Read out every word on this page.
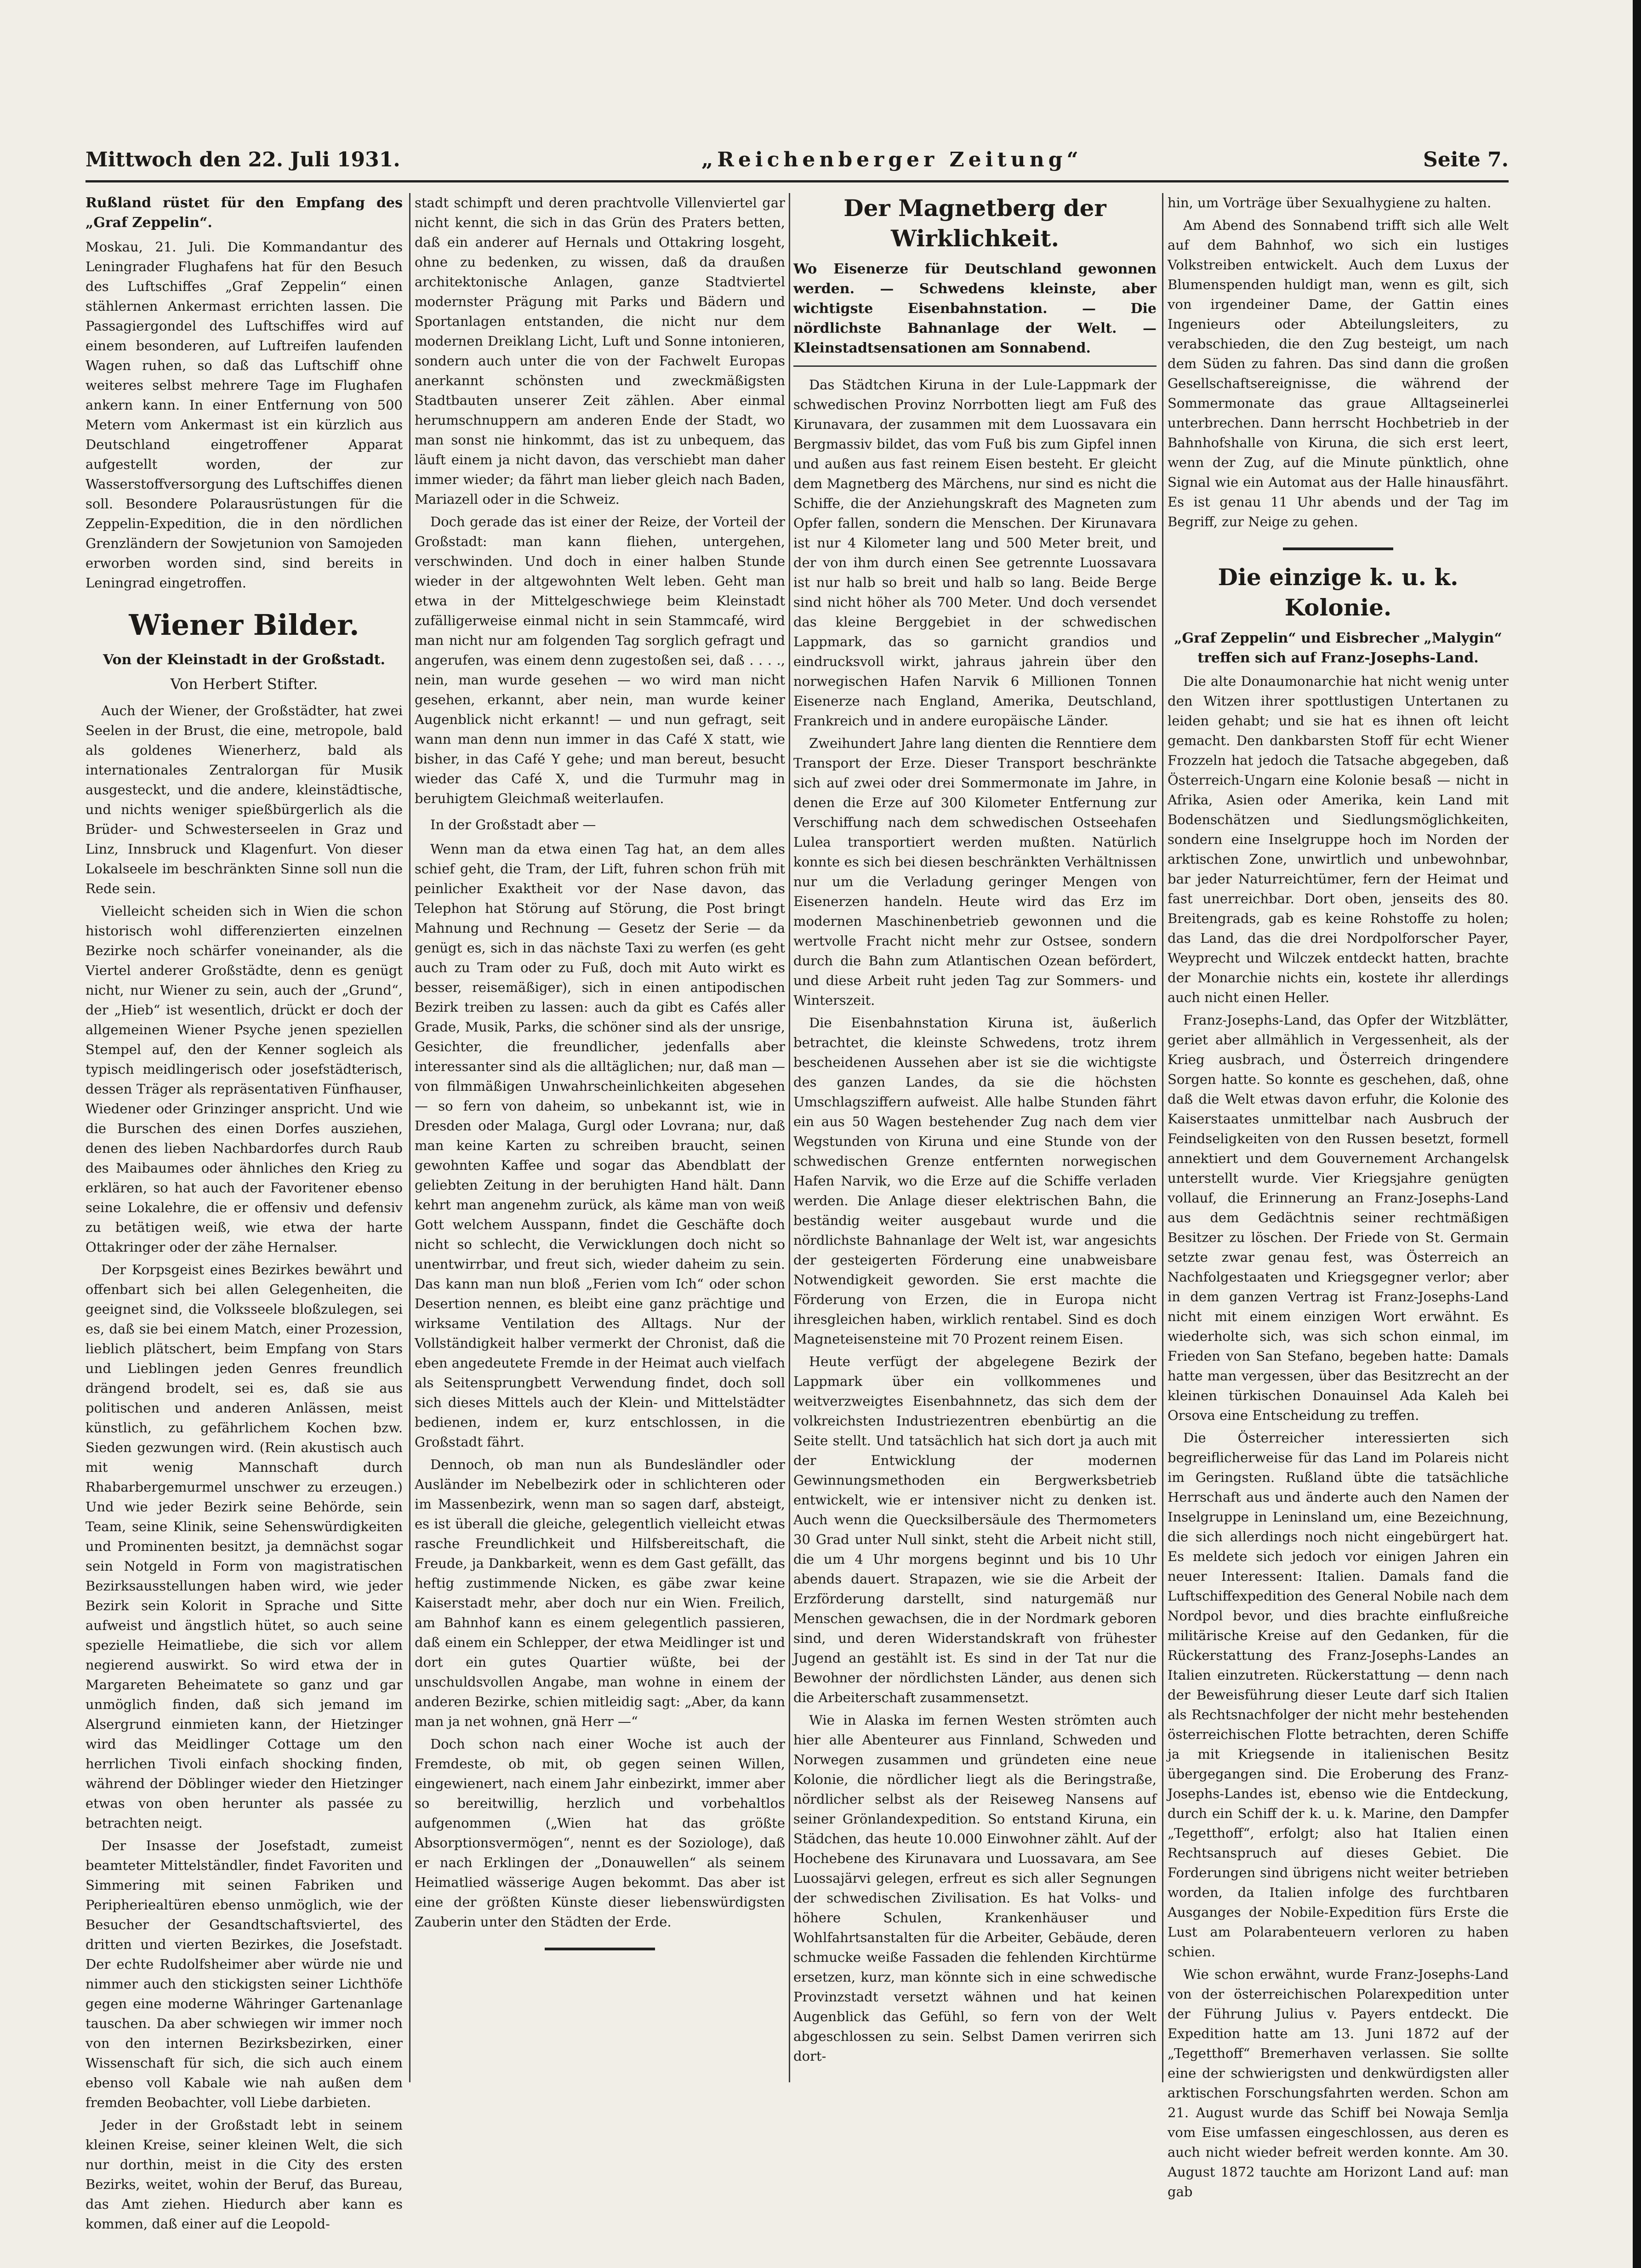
Mittwoch den 22. Juli 1931.	„Reichenberger Zeitung“	Seite 7.
Rußland rüstet für den Empfang des „Graf Zeppelin“.

Moskau, 21. Juli. Die Kommandantur des Leningrader Flughafens hat für den Besuch des Luftschiffes „Graf Zeppelin“ einen stählernen Ankermast errichten lassen. Die Passagiergondel des Luftschiffes wird auf einem besonderen, auf Luftreifen laufenden Wagen ruhen, so daß das Luftschiff ohne weiteres selbst mehrere Tage im Flughafen ankern kann. In einer Entfernung von 500 Metern vom Ankermast ist ein kürzlich aus Deutschland eingetroffener Apparat aufgestellt worden, der zur Wasserstoffversorgung des Luftschiffes dienen soll. Besondere Polarausrüstungen für die Zeppelin-Expedition, die in den nördlichen Grenzländern der Sowjetunion von Samojeden erworben worden sind, sind bereits in Leningrad eingetroffen.

Wiener Bilder.
Von der Kleinstadt in der Großstadt.
Von Herbert Stifter.

Auch der Wiener, der Großstädter, hat zwei Seelen in der Brust, die eine, metropole, bald als goldenes Wienerherz, bald als internationales Zentralorgan für Musik ausgesteckt, und die andere, kleinstädtische, und nichts weniger spießbürgerlich als die Brüder- und Schwesterseelen in Graz und Linz, Innsbruck und Klagenfurt. Von dieser Lokalseele im beschränkten Sinne soll nun die Rede sein.

Vielleicht scheiden sich in Wien die schon historisch wohl differenzierten einzelnen Bezirke noch schärfer voneinander, als die Viertel anderer Großstädte, denn es genügt nicht, nur Wiener zu sein, auch der „Grund“, der „Hieb“ ist wesentlich, drückt er doch der allgemeinen Wiener Psyche jenen speziellen Stempel auf, den der Kenner sogleich als typisch meidlingerisch oder josefstädterisch, dessen Träger als repräsentativen Fünfhauser, Wiedener oder Grinzinger anspricht. Und wie die Burschen des einen Dorfes ausziehen, denen des lieben Nachbardorfes durch Raub des Maibaumes oder ähnliches den Krieg zu erklären, so hat auch der Favoritener ebenso seine Lokalehre, die er offensiv und defensiv zu betätigen weiß, wie etwa der harte Ottakringer oder der zähe Hernalser.

Der Korpsgeist eines Bezirkes bewährt und offenbart sich bei allen Gelegenheiten, die geeignet sind, die Volksseele bloßzulegen, sei es, daß sie bei einem Match, einer Prozession, lieblich plätschert, beim Empfang von Stars und Lieblingen jeden Genres freundlich drängend brodelt, sei es, daß sie aus politischen und anderen Anlässen, meist künstlich, zu gefährlichem Kochen bzw. Sieden gezwungen wird. (Rein akustisch auch mit wenig Mannschaft durch Rhabarbergemurmel unschwer zu erzeugen.) Und wie jeder Bezirk seine Behörde, sein Team, seine Klinik, seine Sehenswürdigkeiten und Prominenten besitzt, ja demnächst sogar sein Notgeld in Form von magistratischen Bezirksausstellungen haben wird, wie jeder Bezirk sein Kolorit in Sprache und Sitte aufweist und ängstlich hütet, so auch seine spezielle Heimatliebe, die sich vor allem negierend auswirkt. So wird etwa der in Margareten Beheimatete so ganz und gar unmöglich finden, daß sich jemand im Alsergrund einmieten kann, der Hietzinger wird das Meidlinger Cottage um den herrlichen Tivoli einfach shocking finden, während der Döblinger wieder den Hietzinger etwas von oben herunter als passée zu betrachten neigt.

Der Insasse der Josefstadt, zumeist beamteter Mittelständler, findet Favoriten und Simmering mit seinen Fabriken und Peripheriealtüren ebenso unmöglich, wie der Besucher der Gesandtschaftsviertel, des dritten und vierten Bezirkes, die Josefstadt. Der echte Rudolfsheimer aber würde nie und nimmer auch den stickigsten seiner Lichthöfe gegen eine moderne Währinger Gartenanlage tauschen. Da aber schwiegen wir immer noch von den internen Bezirksbezirken, einer Wissenschaft für sich, die sich auch einem ebenso voll Kabale wie nah außen dem fremden Beobachter, voll Liebe darbieten.

Jeder in der Großstadt lebt in seinem kleinen Kreise, seiner kleinen Welt, die sich nur dorthin, meist in die City des ersten Bezirks, weitet, wohin der Beruf, das Bureau, das Amt ziehen. Hiedurch aber kann es kommen, daß einer auf die Leopold-

stadt schimpft und deren prachtvolle Villenviertel gar nicht kennt, die sich in das Grün des Praters betten, daß ein anderer auf Hernals und Ottakring losgeht, ohne zu bedenken, zu wissen, daß da draußen architektonische Anlagen, ganze Stadtviertel modernster Prägung mit Parks und Bädern und Sportanlagen entstanden, die nicht nur dem modernen Dreiklang Licht, Luft und Sonne intonieren, sondern auch unter die von der Fachwelt Europas anerkannt schönsten und zweckmäßigsten Stadtbauten unserer Zeit zählen. Aber einmal herumschnuppern am anderen Ende der Stadt, wo man sonst nie hinkommt, das ist zu unbequem, das läuft einem ja nicht davon, das verschiebt man daher immer wieder; da fährt man lieber gleich nach Baden, Mariazell oder in die Schweiz.

Doch gerade das ist einer der Reize, der Vorteil der Großstadt: man kann fliehen, untergehen, verschwinden. Und doch in einer halben Stunde wieder in der altgewohnten Welt leben. Geht man etwa in der Mittelgeschwiege beim Kleinstadt zufälligerweise einmal nicht in sein Stammcafé, wird man nicht nur am folgenden Tag sorglich gefragt und angerufen, was einem denn zugestoßen sei, daß . . . ., nein, man wurde gesehen — wo wird man nicht gesehen, erkannt, aber nein, man wurde keiner Augenblick nicht erkannt! — und nun gefragt, seit wann man denn nun immer in das Café X statt, wie bisher, in das Café Y gehe; und man bereut, besucht wieder das Café X, und die Turmuhr mag in beruhigtem Gleichmaß weiterlaufen.

In der Großstadt aber —

Wenn man da etwa einen Tag hat, an dem alles schief geht, die Tram, der Lift, fuhren schon früh mit peinlicher Exaktheit vor der Nase davon, das Telephon hat Störung auf Störung, die Post bringt Mahnung und Rechnung — Gesetz der Serie — da genügt es, sich in das nächste Taxi zu werfen (es geht auch zu Tram oder zu Fuß, doch mit Auto wirkt es besser, reisemäßiger), sich in einen antipodischen Bezirk treiben zu lassen: auch da gibt es Cafés aller Grade, Musik, Parks, die schöner sind als der unsrige, Gesichter, die freundlicher, jedenfalls aber interessanter sind als die alltäglichen; nur, daß man — von filmmäßigen Unwahrscheinlichkeiten abgesehen — so fern von daheim, so unbekannt ist, wie in Dresden oder Malaga, Gurgl oder Lovrana; nur, daß man keine Karten zu schreiben braucht, seinen gewohnten Kaffee und sogar das Abendblatt der geliebten Zeitung in der beruhigten Hand hält. Dann kehrt man angenehm zurück, als käme man von weiß Gott welchem Ausspann, findet die Geschäfte doch nicht so schlecht, die Verwicklungen doch nicht so unentwirrbar, und freut sich, wieder daheim zu sein. Das kann man nun bloß „Ferien vom Ich“ oder schon Desertion nennen, es bleibt eine ganz prächtige und wirksame Ventilation des Alltags. Nur der Vollständigkeit halber vermerkt der Chronist, daß die eben angedeutete Fremde in der Heimat auch vielfach als Seitensprungbett Verwendung findet, doch soll sich dieses Mittels auch der Klein- und Mittelstädter bedienen, indem er, kurz entschlossen, in die Großstadt fährt.

Dennoch, ob man nun als Bundesländler oder Ausländer im Nebelbezirk oder in schlichteren oder im Massenbezirk, wenn man so sagen darf, absteigt, es ist überall die gleiche, gelegentlich vielleicht etwas rasche Freundlichkeit und Hilfsbereitschaft, die Freude, ja Dankbarkeit, wenn es dem Gast gefällt, das heftig zustimmende Nicken, es gäbe zwar keine Kaiserstadt mehr, aber doch nur ein Wien. Freilich, am Bahnhof kann es einem gelegentlich passieren, daß einem ein Schlepper, der etwa Meidlinger ist und dort ein gutes Quartier wüßte, bei der unschuldsvollen Angabe, man wohne in einem der anderen Bezirke, schien mitleidig sagt: „Aber, da kann man ja net wohnen, gnä Herr —“

Doch schon nach einer Woche ist auch der Fremdeste, ob mit, ob gegen seinen Willen, eingewienert, nach einem Jahr einbezirkt, immer aber so bereitwillig, herzlich und vorbehaltlos aufgenommen („Wien hat das größte Absorptionsvermögen“, nennt es der Soziologe), daß er nach Erklingen der „Donauwellen“ als seinem Heimatlied wässerige Augen bekommt. Das aber ist eine der größten Künste dieser liebenswürdigsten Zauberin unter den Städten der Erde.

Der Magnetberg der Wirklichkeit.
Wo Eisenerze für Deutschland gewonnen werden. — Schwedens kleinste, aber wichtigste Eisenbahnstation. — Die nördlichste Bahnanlage der Welt. — Kleinstadtsensationen am Sonnabend.

Das Städtchen Kiruna in der Lule-Lappmark der schwedischen Provinz Norrbotten liegt am Fuß des Kirunavara, der zusammen mit dem Luossavara ein Bergmassiv bildet, das vom Fuß bis zum Gipfel innen und außen aus fast reinem Eisen besteht. Er gleicht dem Magnetberg des Märchens, nur sind es nicht die Schiffe, die der Anziehungskraft des Magneten zum Opfer fallen, sondern die Menschen. Der Kirunavara ist nur 4 Kilometer lang und 500 Meter breit, und der von ihm durch einen See getrennte Luossavara ist nur halb so breit und halb so lang. Beide Berge sind nicht höher als 700 Meter. Und doch versendet das kleine Berggebiet in der schwedischen Lappmark, das so garnicht grandios und eindrucksvoll wirkt, jahraus jahrein über den norwegischen Hafen Narvik 6 Millionen Tonnen Eisenerze nach England, Amerika, Deutschland, Frankreich und in andere europäische Länder.

Zweihundert Jahre lang dienten die Renntiere dem Transport der Erze. Dieser Transport beschränkte sich auf zwei oder drei Sommermonate im Jahre, in denen die Erze auf 300 Kilometer Entfernung zur Verschiffung nach dem schwedischen Ostseehafen Lulea transportiert werden mußten. Natürlich konnte es sich bei diesen beschränkten Verhältnissen nur um die Verladung geringer Mengen von Eisenerzen handeln. Heute wird das Erz im modernen Maschinenbetrieb gewonnen und die wertvolle Fracht nicht mehr zur Ostsee, sondern durch die Bahn zum Atlantischen Ozean befördert, und diese Arbeit ruht jeden Tag zur Sommers- und Winterszeit.

Die Eisenbahnstation Kiruna ist, äußerlich betrachtet, die kleinste Schwedens, trotz ihrem bescheidenen Aussehen aber ist sie die wichtigste des ganzen Landes, da sie die höchsten Umschlagsziffern aufweist. Alle halbe Stunden fährt ein aus 50 Wagen bestehender Zug nach dem vier Wegstunden von Kiruna und eine Stunde von der schwedischen Grenze entfernten norwegischen Hafen Narvik, wo die Erze auf die Schiffe verladen werden. Die Anlage dieser elektrischen Bahn, die beständig weiter ausgebaut wurde und die nördlichste Bahnanlage der Welt ist, war angesichts der gesteigerten Förderung eine unabweisbare Notwendigkeit geworden. Sie erst machte die Förderung von Erzen, die in Europa nicht ihresgleichen haben, wirklich rentabel. Sind es doch Magneteisensteine mit 70 Prozent reinem Eisen.

Heute verfügt der abgelegene Bezirk der Lappmark über ein vollkommenes und weitverzweigtes Eisenbahnnetz, das sich dem der volkreichsten Industriezentren ebenbürtig an die Seite stellt. Und tatsächlich hat sich dort ja auch mit der Entwicklung der modernen Gewinnungsmethoden ein Bergwerksbetrieb entwickelt, wie er intensiver nicht zu denken ist. Auch wenn die Quecksilbersäule des Thermometers 30 Grad unter Null sinkt, steht die Arbeit nicht still, die um 4 Uhr morgens beginnt und bis 10 Uhr abends dauert. Strapazen, wie sie die Arbeit der Erzförderung darstellt, sind naturgemäß nur Menschen gewachsen, die in der Nordmark geboren sind, und deren Widerstandskraft von frühester Jugend an gestählt ist. Es sind in der Tat nur die Bewohner der nördlichsten Länder, aus denen sich die Arbeiterschaft zusammensetzt.

Wie in Alaska im fernen Westen strömten auch hier alle Abenteurer aus Finnland, Schweden und Norwegen zusammen und gründeten eine neue Kolonie, die nördlicher liegt als die Beringstraße, nördlicher selbst als der Reiseweg Nansens auf seiner Grönlandexpedition. So entstand Kiruna, ein Städchen, das heute 10.000 Einwohner zählt. Auf der Hochebene des Kirunavara und Luossavara, am See Luossajärvi gelegen, erfreut es sich aller Segnungen der schwedischen Zivilisation. Es hat Volks- und höhere Schulen, Krankenhäuser und Wohlfahrtsanstalten für die Arbeiter, Gebäude, deren schmucke weiße Fassaden die fehlenden Kirchtürme ersetzen, kurz, man könnte sich in eine schwedische Provinzstadt versetzt wähnen und hat keinen Augenblick das Gefühl, so fern von der Welt abgeschlossen zu sein. Selbst Damen verirren sich dort-

hin, um Vorträge über Sexualhygiene zu halten.

Am Abend des Sonnabend trifft sich alle Welt auf dem Bahnhof, wo sich ein lustiges Volkstreiben entwickelt. Auch dem Luxus der Blumenspenden huldigt man, wenn es gilt, sich von irgendeiner Dame, der Gattin eines Ingenieurs oder Abteilungsleiters, zu verabschieden, die den Zug besteigt, um nach dem Süden zu fahren. Das sind dann die großen Gesellschaftsereignisse, die während der Sommermonate das graue Alltagseinerlei unterbrechen. Dann herrscht Hochbetrieb in der Bahnhofshalle von Kiruna, die sich erst leert, wenn der Zug, auf die Minute pünktlich, ohne Signal wie ein Automat aus der Halle hinausfährt. Es ist genau 11 Uhr abends und der Tag im Begriff, zur Neige zu gehen.

Die einzige k. u. k. Kolonie.
„Graf Zeppelin“ und Eisbrecher „Malygin“ treffen sich auf Franz-Josephs-Land.

Die alte Donaumonarchie hat nicht wenig unter den Witzen ihrer spottlustigen Untertanen zu leiden gehabt; und sie hat es ihnen oft leicht gemacht. Den dankbarsten Stoff für echt Wiener Frozzeln hat jedoch die Tatsache abgegeben, daß Österreich-Ungarn eine Kolonie besaß — nicht in Afrika, Asien oder Amerika, kein Land mit Bodenschätzen und Siedlungsmöglichkeiten, sondern eine Inselgruppe hoch im Norden der arktischen Zone, unwirtlich und unbewohnbar, bar jeder Naturreichtümer, fern der Heimat und fast unerreichbar. Dort oben, jenseits des 80. Breitengrads, gab es keine Rohstoffe zu holen; das Land, das die drei Nordpolforscher Payer, Weyprecht und Wilczek entdeckt hatten, brachte der Monarchie nichts ein, kostete ihr allerdings auch nicht einen Heller.

Franz-Josephs-Land, das Opfer der Witzblätter, geriet aber allmählich in Vergessenheit, als der Krieg ausbrach, und Österreich dringendere Sorgen hatte. So konnte es geschehen, daß, ohne daß die Welt etwas davon erfuhr, die Kolonie des Kaiserstaates unmittelbar nach Ausbruch der Feindseligkeiten von den Russen besetzt, formell annektiert und dem Gouvernement Archangelsk unterstellt wurde. Vier Kriegsjahre genügten vollauf, die Erinnerung an Franz-Josephs-Land aus dem Gedächtnis seiner rechtmäßigen Besitzer zu löschen. Der Friede von St. Germain setzte zwar genau fest, was Österreich an Nachfolgestaaten und Kriegsgegner verlor; aber in dem ganzen Vertrag ist Franz-Josephs-Land nicht mit einem einzigen Wort erwähnt. Es wiederholte sich, was sich schon einmal, im Frieden von San Stefano, begeben hatte: Damals hatte man vergessen, über das Besitzrecht an der kleinen türkischen Donauinsel Ada Kaleh bei Orsova eine Entscheidung zu treffen.

Die Österreicher interessierten sich begreiflicherweise für das Land im Polareis nicht im Geringsten. Rußland übte die tatsächliche Herrschaft aus und änderte auch den Namen der Inselgruppe in Leninsland um, eine Bezeichnung, die sich allerdings noch nicht eingebürgert hat. Es meldete sich jedoch vor einigen Jahren ein neuer Interessent: Italien. Damals fand die Luftschiffexpedition des General Nobile nach dem Nordpol bevor, und dies brachte einflußreiche militärische Kreise auf den Gedanken, für die Rückerstattung des Franz-Josephs-Landes an Italien einzutreten. Rückerstattung — denn nach der Beweisführung dieser Leute darf sich Italien als Rechtsnachfolger der nicht mehr bestehenden österreichischen Flotte betrachten, deren Schiffe ja mit Kriegsende in italienischen Besitz übergegangen sind. Die Eroberung des Franz-Josephs-Landes ist, ebenso wie die Entdeckung, durch ein Schiff der k. u. k. Marine, den Dampfer „Tegetthoff“, erfolgt; also hat Italien einen Rechtsanspruch auf dieses Gebiet. Die Forderungen sind übrigens nicht weiter betrieben worden, da Italien infolge des furchtbaren Ausganges der Nobile-Expedition fürs Erste die Lust am Polarabenteuern verloren zu haben schien.

Wie schon erwähnt, wurde Franz-Josephs-Land von der österreichischen Polarexpedition unter der Führung Julius v. Payers entdeckt. Die Expedition hatte am 13. Juni 1872 auf der „Tegetthoff“ Bremerhaven verlassen. Sie sollte eine der schwierigsten und denkwürdigsten aller arktischen Forschungsfahrten werden. Schon am 21. August wurde das Schiff bei Nowaja Semlja vom Eise umfassen eingeschlossen, aus deren es auch nicht wieder befreit werden konnte. Am 30. August 1872 tauchte am Horizont Land auf: man gab
